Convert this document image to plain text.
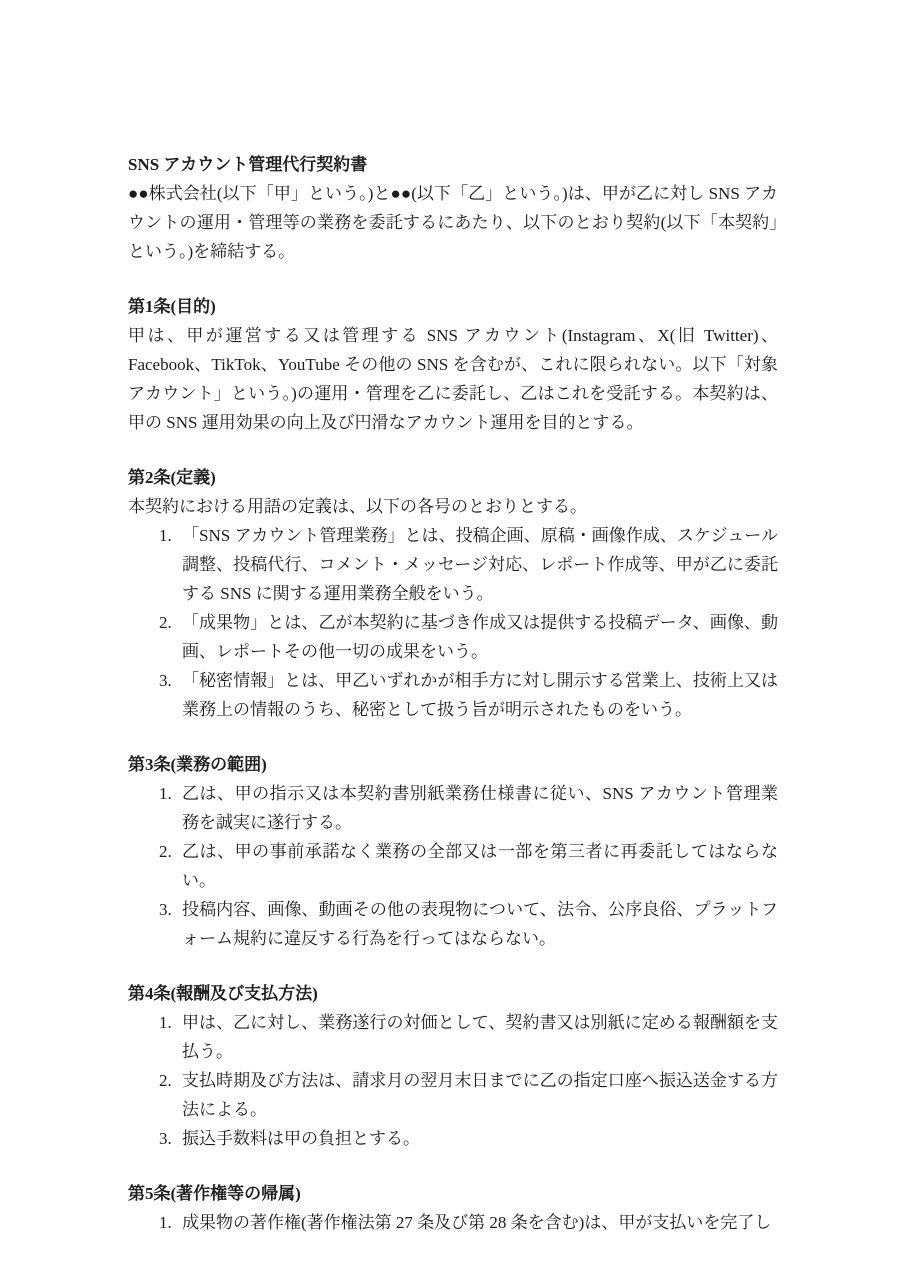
SNS アカウント管理代行契約書

●●株式会社(以下「甲」という。)と●●(以下「乙」という。)は、甲が乙に対し SNS アカウントの運用・管理等の業務を委託するにあたり、以下のとおり契約(以下「本契約」という。)を締結する。

第1条(目的)

甲は、甲が運営する又は管理する SNS アカウント(Instagram、X(旧 Twitter)、Facebook、TikTok、YouTube その他の SNS を含むが、これに限られない。以下「対象アカウント」という。)の運用・管理を乙に委託し、乙はこれを受託する。本契約は、甲の SNS 運用効果の向上及び円滑なアカウント運用を目的とする。

第2条(定義)

本契約における用語の定義は、以下の各号のとおりとする。

1. 「SNS アカウント管理業務」とは、投稿企画、原稿・画像作成、スケジュール調整、投稿代行、コメント・メッセージ対応、レポート作成等、甲が乙に委託する SNS に関する運用業務全般をいう。
2. 「成果物」とは、乙が本契約に基づき作成又は提供する投稿データ、画像、動画、レポートその他一切の成果をいう。
3. 「秘密情報」とは、甲乙いずれかが相手方に対し開示する営業上、技術上又は業務上の情報のうち、秘密として扱う旨が明示されたものをいう。

第3条(業務の範囲)

1. 乙は、甲の指示又は本契約書別紙業務仕様書に従い、SNS アカウント管理業務を誠実に遂行する。
2. 乙は、甲の事前承諾なく業務の全部又は一部を第三者に再委託してはならない。
3. 投稿内容、画像、動画その他の表現物について、法令、公序良俗、プラットフォーム規約に違反する行為を行ってはならない。

第4条(報酬及び支払方法)

1. 甲は、乙に対し、業務遂行の対価として、契約書又は別紙に定める報酬額を支払う。
2. 支払時期及び方法は、請求月の翌月末日までに乙の指定口座へ振込送金する方法による。
3. 振込手数料は甲の負担とする。

第5条(著作権等の帰属)

1. 成果物の著作権(著作権法第 27 条及び第 28 条を含む)は、甲が支払いを完了し
